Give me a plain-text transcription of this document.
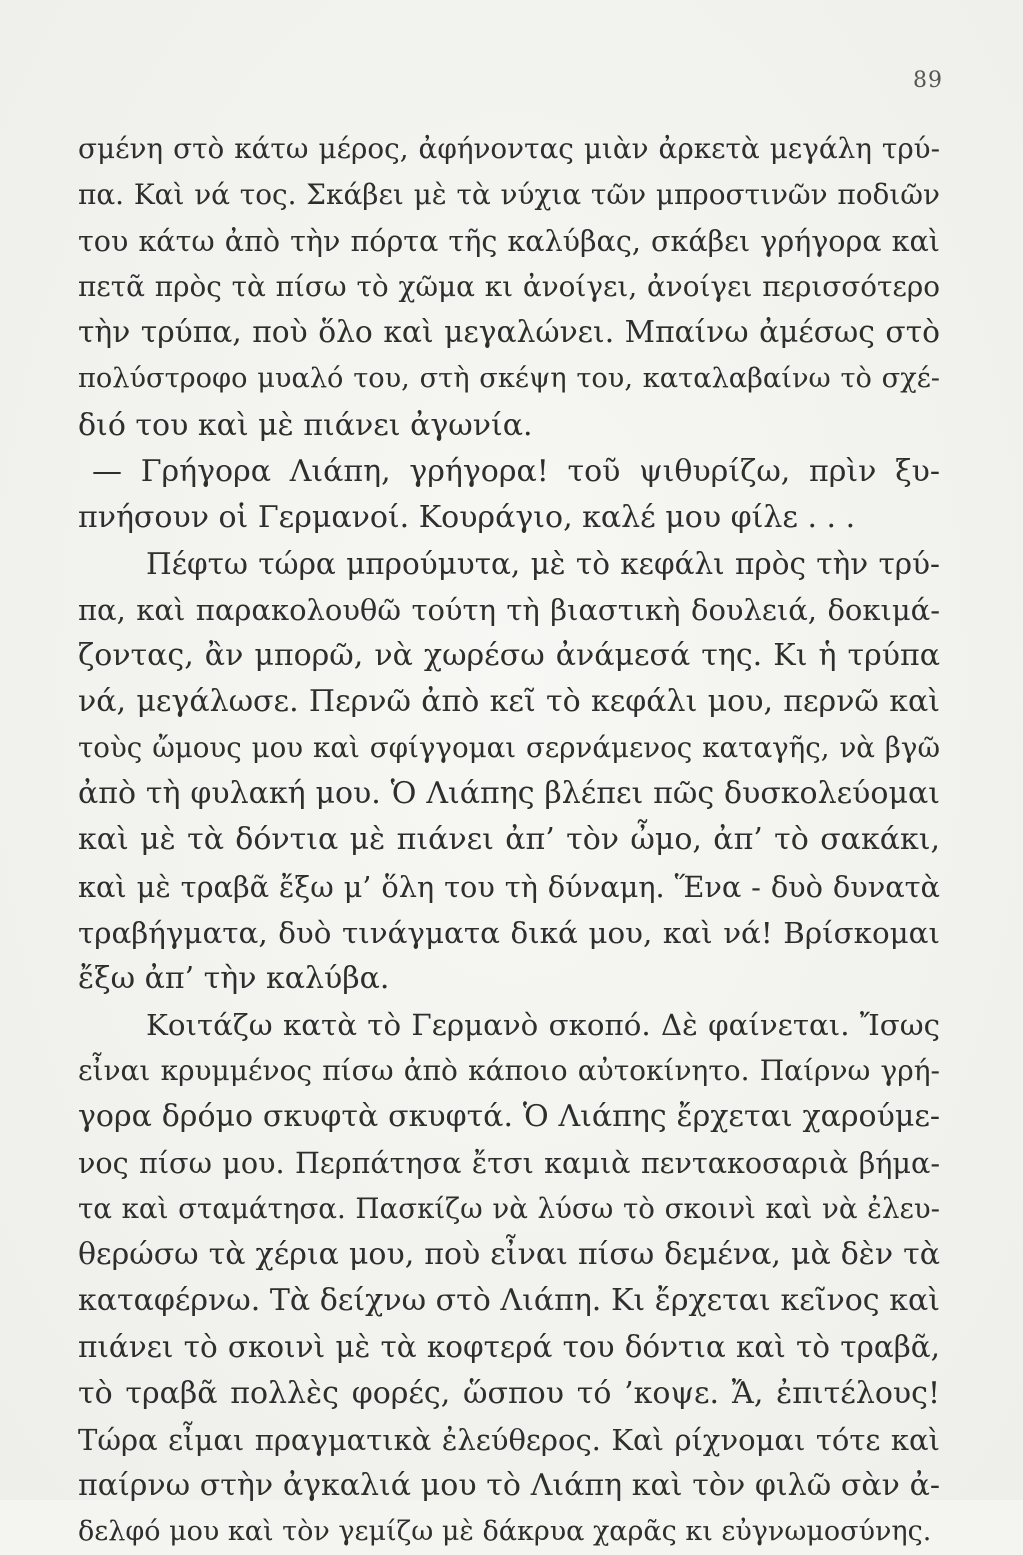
89
σμένη στὸ κάτω μέρος, ἀφήνοντας μιὰν ἀρκετὰ μεγάλη τρύ-
πα. Καὶ νά τος. Σκάβει μὲ τὰ νύχια τῶν μπροστινῶν ποδιῶν
του κάτω ἀπὸ τὴν πόρτα τῆς καλύβας, σκάβει γρήγορα καὶ
πετᾶ πρὸς τὰ πίσω τὸ χῶμα κι ἀνοίγει, ἀνοίγει περισσότερο
τὴν τρύπα, ποὺ ὅλο καὶ μεγαλώνει. Μπαίνω ἀμέσως στὸ
πολύστροφο μυαλό του, στὴ σκέψη του, καταλαβαίνω τὸ σχέ-
διό του καὶ μὲ πιάνει ἀγωνία.
— Γρήγορα Λιάπη, γρήγορα! τοῦ ψιθυρίζω, πρὶν ξυ-
πνήσουν οἱ Γερμανοί. Κουράγιο, καλέ μου φίλε . . .
Πέφτω τώρα μπρούμυτα, μὲ τὸ κεφάλι πρὸς τὴν τρύ-
πα, καὶ παρακολουθῶ τούτη τὴ βιαστικὴ δουλειά, δοκιμά-
ζοντας, ἂν μπορῶ, νὰ χωρέσω ἀνάμεσά της. Κι ἡ τρύπα
νά, μεγάλωσε. Περνῶ ἀπὸ κεῖ τὸ κεφάλι μου, περνῶ καὶ
τοὺς ὤμους μου καὶ σφίγγομαι σερνάμενος καταγῆς, νὰ βγῶ
ἀπὸ τὴ φυλακή μου. Ὁ Λιάπης βλέπει πῶς δυσκολεύομαι
καὶ μὲ τὰ δόντια μὲ πιάνει ἀπ’ τὸν ὦμο, ἀπ’ τὸ σακάκι,
καὶ μὲ τραβᾶ ἔξω μ’ ὅλη του τὴ δύναμη. Ἕνα - δυὸ δυνατὰ
τραβήγματα, δυὸ τινάγματα δικά μου, καὶ νά! Βρίσκομαι
ἔξω ἀπ’ τὴν καλύβα.
Κοιτάζω κατὰ τὸ Γερμανὸ σκοπό. Δὲ φαίνεται. Ἴσως
εἶναι κρυμμένος πίσω ἀπὸ κάποιο αὐτοκίνητο. Παίρνω γρή-
γορα δρόμο σκυφτὰ σκυφτά. Ὁ Λιάπης ἔρχεται χαρούμε-
νος πίσω μου. Περπάτησα ἔτσι καμιὰ πεντακοσαριὰ βήμα-
τα καὶ σταμάτησα. Πασκίζω νὰ λύσω τὸ σκοινὶ καὶ νὰ ἐλευ-
θερώσω τὰ χέρια μου, ποὺ εἶναι πίσω δεμένα, μὰ δὲν τὰ
καταφέρνω. Τὰ δείχνω στὸ Λιάπη. Κι ἔρχεται κεῖνος καὶ
πιάνει τὸ σκοινὶ μὲ τὰ κοφτερά του δόντια καὶ τὸ τραβᾶ,
τὸ τραβᾶ πολλὲς φορές, ὥσπου τό ’κοψε. Ἄ, ἐπιτέλους!
Τώρα εἶμαι πραγματικὰ ἐλεύθερος. Καὶ ρίχνομαι τότε καὶ
παίρνω στὴν ἀγκαλιά μου τὸ Λιάπη καὶ τὸν φιλῶ σὰν ἀ-
δελφό μου καὶ τὸν γεμίζω μὲ δάκρυα χαρᾶς κι εὐγνωμοσύνης.
